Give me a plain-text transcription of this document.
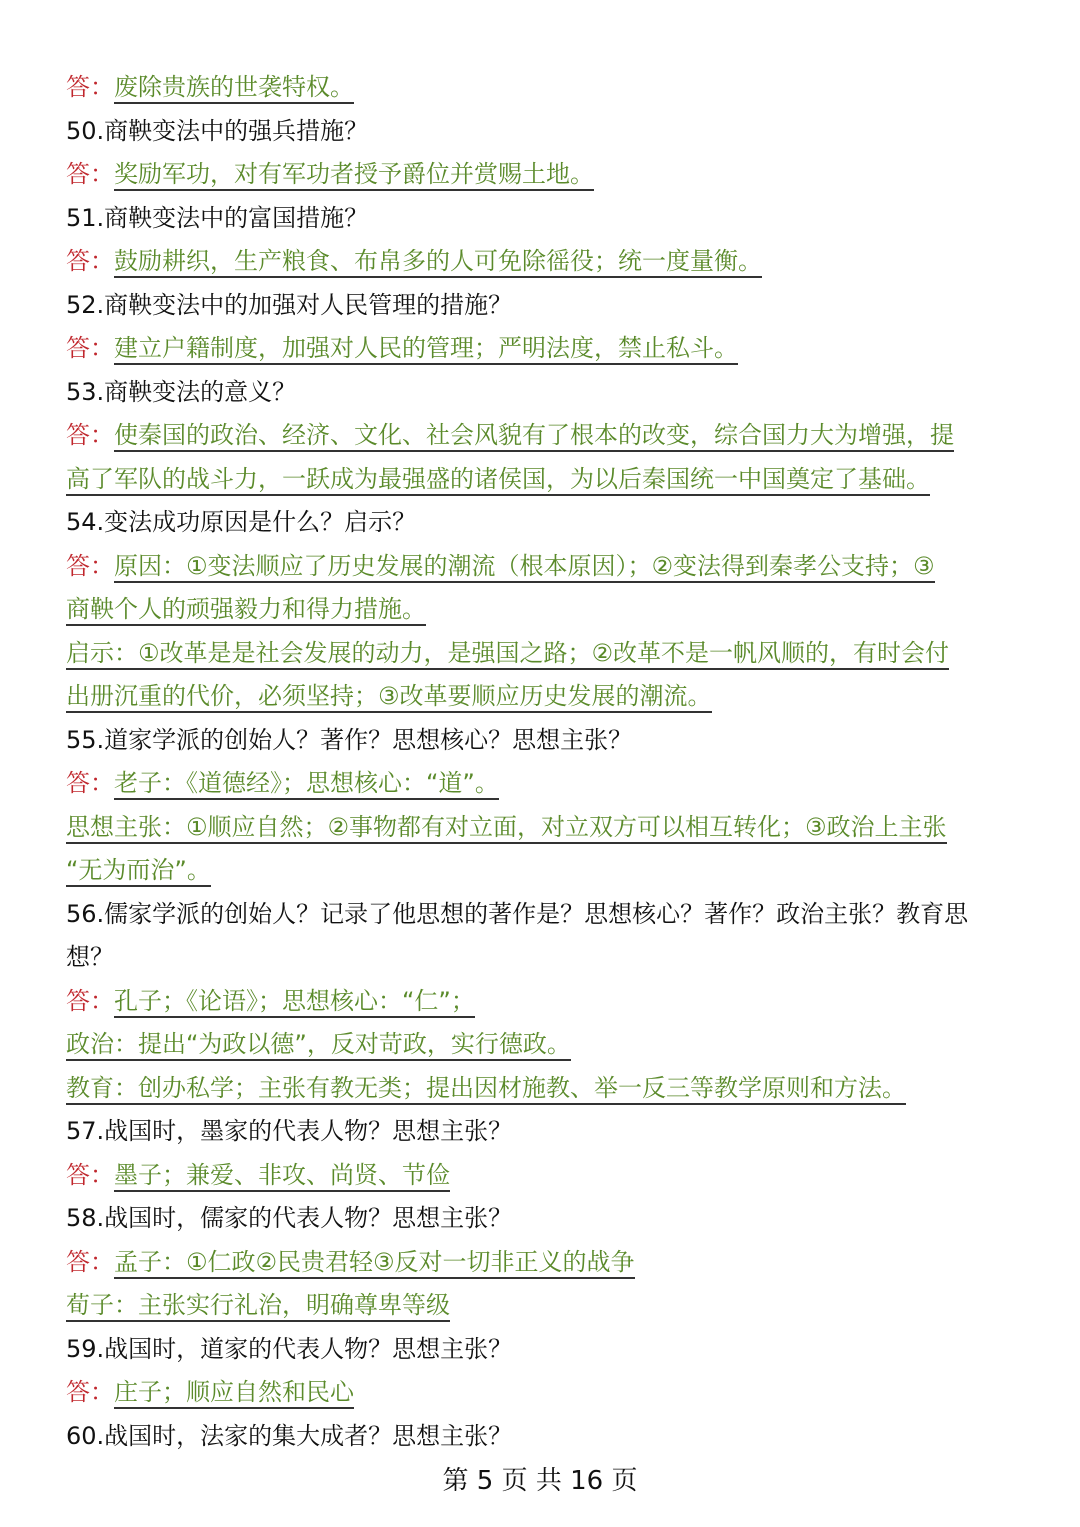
答：废除贵族的世袭特权。
50.商鞅变法中的强兵措施？
答：奖励军功，对有军功者授予爵位并赏赐土地。
51.商鞅变法中的富国措施？
答：鼓励耕织，生产粮食、布帛多的人可免除徭役；统一度量衡。
52.商鞅变法中的加强对人民管理的措施？
答：建立户籍制度，加强对人民的管理；严明法度，禁止私斗。
53.商鞅变法的意义？
答：使秦国的政治、经济、文化、社会风貌有了根本的改变，综合国力大为增强，提
高了军队的战斗力，一跃成为最强盛的诸侯国，为以后秦国统一中国奠定了基础。
54.变法成功原因是什么？启示？
答：原因：①变法顺应了历史发展的潮流（根本原因）；②变法得到秦孝公支持；③
商鞅个人的顽强毅力和得力措施。
启示：①改革是是社会发展的动力，是强国之路；②改革不是一帆风顺的，有时会付
出册沉重的代价，必须坚持；③改革要顺应历史发展的潮流。
55.道家学派的创始人？著作？思想核心？思想主张？
答：老子：《道德经》；思想核心：“道”。
思想主张：①顺应自然；②事物都有对立面，对立双方可以相互转化；③政治上主张
“无为而治”。
56.儒家学派的创始人？记录了他思想的著作是？思想核心？著作？政治主张？教育思
想？
答：孔子；《论语》；思想核心：“仁”；
政治：提出“为政以德”，反对苛政，实行德政。
教育：创办私学；主张有教无类；提出因材施教、举一反三等教学原则和方法。
57.战国时，墨家的代表人物？思想主张？
答：墨子；兼爱、非攻、尚贤、节俭
58.战国时，儒家的代表人物？思想主张？
答：孟子：①仁政②民贵君轻③反对一切非正义的战争
荀子：主张实行礼治，明确尊卑等级
59.战国时，道家的代表人物？思想主张？
答：庄子；顺应自然和民心
60.战国时，法家的集大成者？思想主张？
第 5 页 共 16 页
